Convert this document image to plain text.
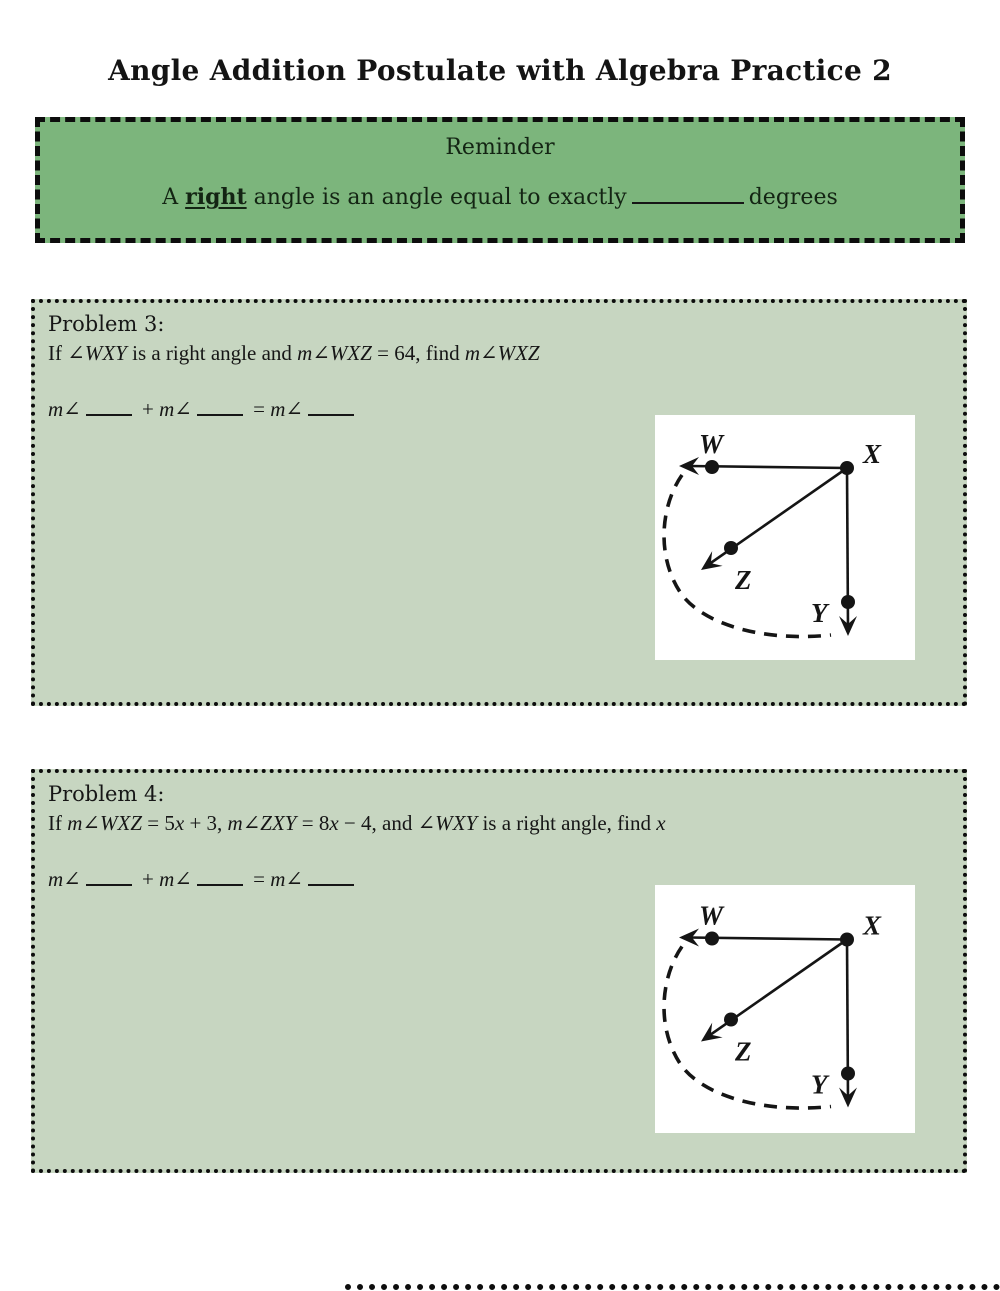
Angle Addition Postulate with Algebra Practice 2
Reminder
A right angle is an angle equal to exactly	degrees
Problem 3:
If ∠WXY is a right angle and m∠WXZ = 64, find m∠WXZ
m∠	+ m∠	= m∠
W	X
Z
Y
Problem 4:
If m∠WXZ = 5x + 3, m∠ZXY = 8x − 4, and ∠WXY is a right angle, find x
m∠	+ m∠	= m∠
W	X
Z
Y
